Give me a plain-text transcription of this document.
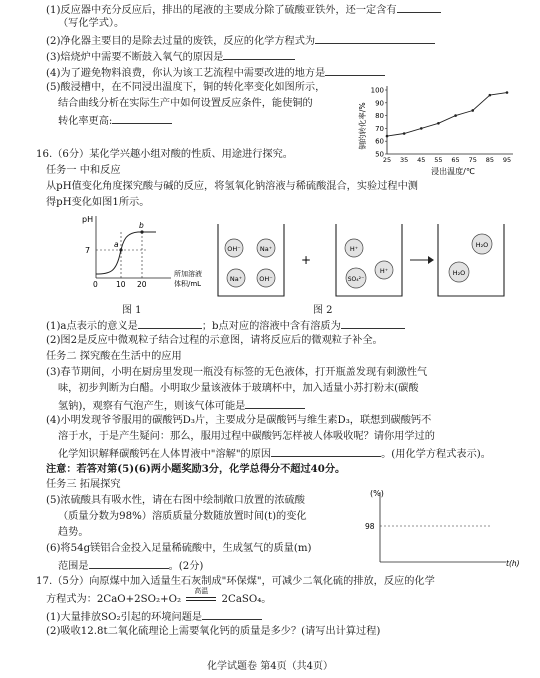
(1)反应器中充分反应后，排出的尾液的主要成分除了硫酸亚铁外，还一定含有
（写化学式）。
(2)净化器主要目的是除去过量的废铁，反应的化学方程式为
(3)焙烧炉中需要不断鼓入氧气的原因是
(4)为了避免物料浪费，你认为该工艺流程中需要改进的地方是
(5)酸浸槽中，在不同浸出温度下，铜的转化率变化如图所示，
结合曲线分析在实际生产中如何设置反应条件，能使铜的
转化率更高:	铜的转化率/%
100
90
80
70
60
50
25 35 45 55 65 75 85 95
浸出温度/℃
16.（6分）某化学兴趣小组对酸的性质、用途进行探究。
任务一 中和反应
从pH值变化角度探究酸与碱的反应，将氢氧化钠溶液与稀硫酸混合，实验过程中测
得pH变化如图1所示。
pH
7
a
b
0 10 20
所加溶液
体积/mL
图 1
OH⁻	Na⁺
Na⁺	OH⁻
+
H⁺
SO₄²⁻
H⁺
H₂O
H₂O
图 2
(1)a点表示的意义是	；b点对应的溶液中含有溶质为
(2)图2是反应中微观粒子结合过程的示意图，请将反应后的微观粒子补全。
任务二 探究酸在生活中的应用
(3)春节期间，小明在厨房里发现一瓶没有标签的无色液体，打开瓶盖发现有刺激性气
味，初步判断为白醋。小明取少量该液体于玻璃杯中，加入适量小苏打粉末(碳酸
氢钠)，观察有气泡产生，则该气体可能是
(4)小明发现爷爷服用的碳酸钙D₃片，主要成分是碳酸钙与维生素D₃，联想到碳酸钙不
溶于水，于是产生疑问：那么，服用过程中碳酸钙怎样被人体吸收呢？请你用学过的
化学知识解释碳酸钙在人体胃液中"溶解"的原因	。(用化学方程式表示)。
注意：若答对第(5)(6)两小题奖励3分，化学总得分不超过40分。
任务三 拓展探究
(5)浓硫酸具有吸水性，请在右图中绘制敞口放置的浓硫酸
（质量分数为98%）溶质质量分数随放置时间(t)的变化
趋势。
(6)将54g镁铝合金投入足量稀硫酸中，生成氢气的质量(m)
范围是	。(2分)
(%)
98
t(h)
17.（5分）向原煤中加入适量生石灰制成"环保煤"，可减少二氧化硫的排放，反应的化学
方程式为：2CaO+2SO₂+O₂
高温
2CaSO₄。
(1)大量排放SO₂引起的环境问题是
(2)吸收12.8t二氧化硫理论上需要氧化钙的质量是多少？(请写出计算过程)
化学试题卷 第4页（共4页）
